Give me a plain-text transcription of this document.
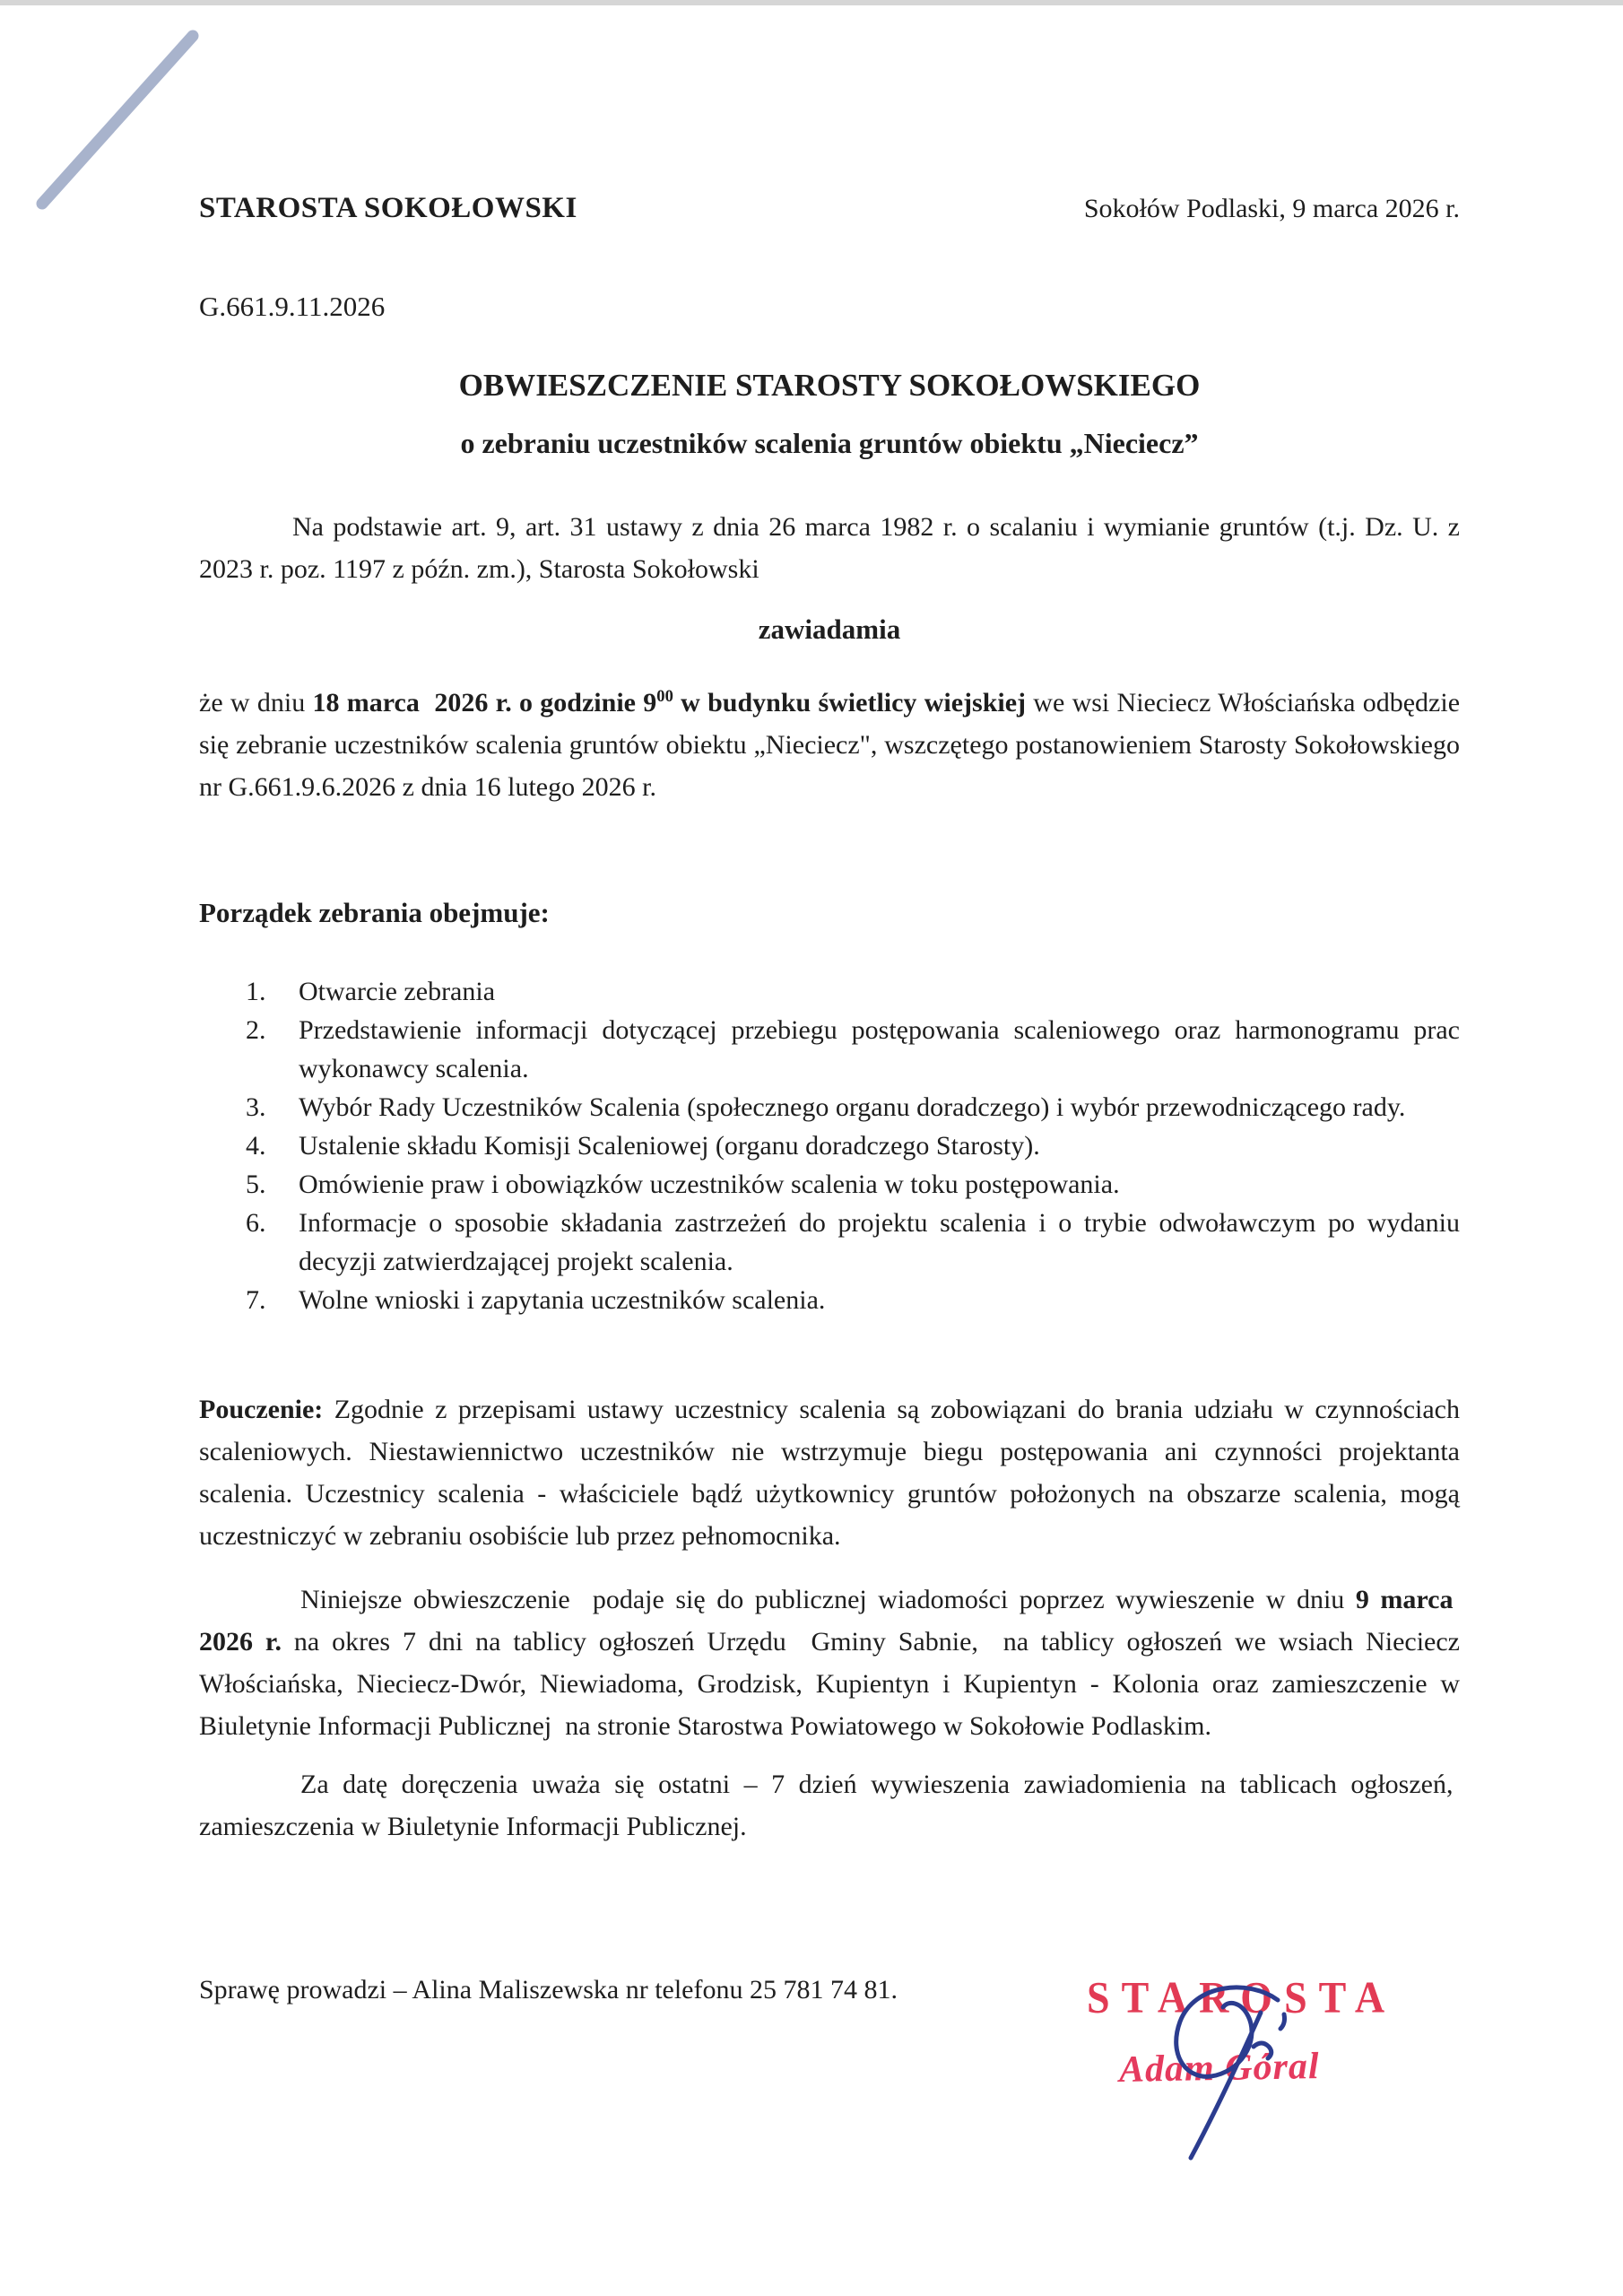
STAROSTA SOKOŁOWSKI	Sokołów Podlaski, 9 marca 2026 r.
G.661.9.11.2026
OBWIESZCZENIE STAROSTY SOKOŁOWSKIEGO
o zebraniu uczestników scalenia gruntów obiektu „Nieciecz”

Na podstawie art. 9, art. 31 ustawy z dnia 26 marca 1982 r. o scalaniu i wymianie gruntów (t.j. Dz. U. z 2023 r. poz. 1197 z późn. zm.), Starosta Sokołowski

zawiadamia

że w dniu 18 marca  2026 r. o godzinie $9^{00}$ w budynku świetlicy wiejskiej we wsi Nieciecz Włościańska odbędzie się zebranie uczestników scalenia gruntów obiektu „Nieciecz", wszczętego postanowieniem Starosty Sokołowskiego nr G.661.9.6.2026 z dnia 16 lutego 2026 r.

Porządek zebrania obejmuje:
Otwarcie zebrania
Przedstawienie informacji dotyczącej przebiegu postępowania scaleniowego oraz harmonogramu prac wykonawcy scalenia.
Wybór Rady Uczestników Scalenia (społecznego organu doradczego) i wybór przewodniczącego rady.
Ustalenie składu Komisji Scaleniowej (organu doradczego Starosty).
Omówienie praw i obowiązków uczestników scalenia w toku postępowania.
Informacje o sposobie składania zastrzeżeń do projektu scalenia i o trybie odwoławczym po wydaniu decyzji zatwierdzającej projekt scalenia.
Wolne wnioski i zapytania uczestników scalenia.

Pouczenie: Zgodnie z przepisami ustawy uczestnicy scalenia są zobowiązani do brania udziału w czynnościach scaleniowych. Niestawiennictwo uczestników nie wstrzymuje biegu postępowania ani czynności projektanta scalenia. Uczestnicy scalenia - właściciele bądź użytkownicy gruntów położonych na obszarze scalenia, mogą uczestniczyć w zebraniu osobiście lub przez pełnomocnika.

Niniejsze obwieszczenie  podaje się do publicznej wiadomości poprzez wywieszenie w dniu 9 marca  2026 r. na okres 7 dni na tablicy ogłoszeń Urzędu  Gminy Sabnie,  na tablicy ogłoszeń we wsiach Nieciecz Włościańska, Nieciecz-Dwór, Niewiadoma, Grodzisk, Kupientyn i Kupientyn - Kolonia oraz zamieszczenie w Biuletynie Informacji Publicznej  na stronie Starostwa Powiatowego w Sokołowie Podlaskim.

Za datę doręczenia uważa się ostatni – 7 dzień wywieszenia zawiadomienia na tablicach ogłoszeń,  zamieszczenia w Biuletynie Informacji Publicznej.

Sprawę prowadzi – Alina Maliszewska nr telefonu 25 781 74 81.	STAROSTA
Adam Góral
